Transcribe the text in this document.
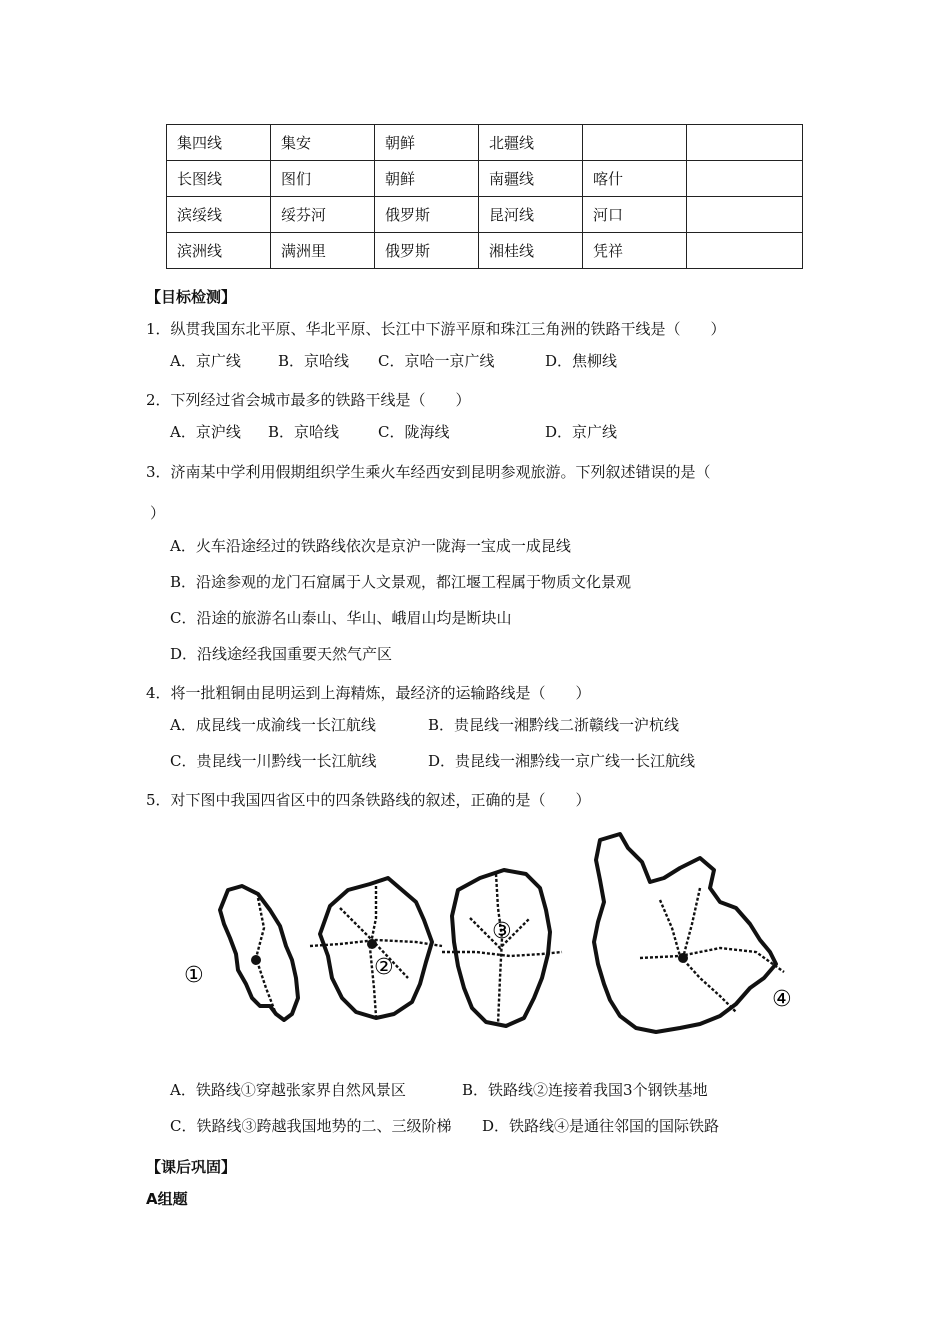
集四线	集安	朝鲜	北疆线		
长图线	图们	朝鲜	南疆线	喀什	
滨绥线	绥芬河	俄罗斯	昆河线	河口	
滨洲线	满洲里	俄罗斯	湘桂线	凭祥	
【目标检测】
1．纵贯我国东北平原、华北平原、长江中下游平原和珠江三角洲的铁路干线是（　　）
A．京广线 B．京哈线 C．京哈一京广线	D．焦柳线
2．下列经过省会城市最多的铁路干线是（　　）
A．京沪线 B．京哈线	C．陇海线	D．京广线
3．济南某中学利用假期组织学生乘火车经西安到昆明参观旅游。下列叙述错误的是（
）
A．火车沿途经过的铁路线依次是京沪一陇海一宝成一成昆线
B．沿途参观的龙门石窟属于人文景观，都江堰工程属于物质文化景观
C．沿途的旅游名山泰山、华山、峨眉山均是断块山
D．沿线途经我国重要天然气产区
4．将一批粗铜由昆明运到上海精炼，最经济的运输路线是（　　）
A．成昆线一成渝线一长江航线	B．贵昆线一湘黔线二浙赣线一沪杭线
C．贵昆线一川黔线一长江航线	D．贵昆线一湘黔线一京广线一长江航线
5．对下图中我国四省区中的四条铁路线的叙述，正确的是（　　）
①	②
③
④
A．铁路线①穿越张家界自然风景区	B．铁路线②连接着我国3个钢铁基地
C．铁路线③跨越我国地势的二、三级阶梯 D．铁路线④是通往邻国的国际铁路
【课后巩固】
A组题
